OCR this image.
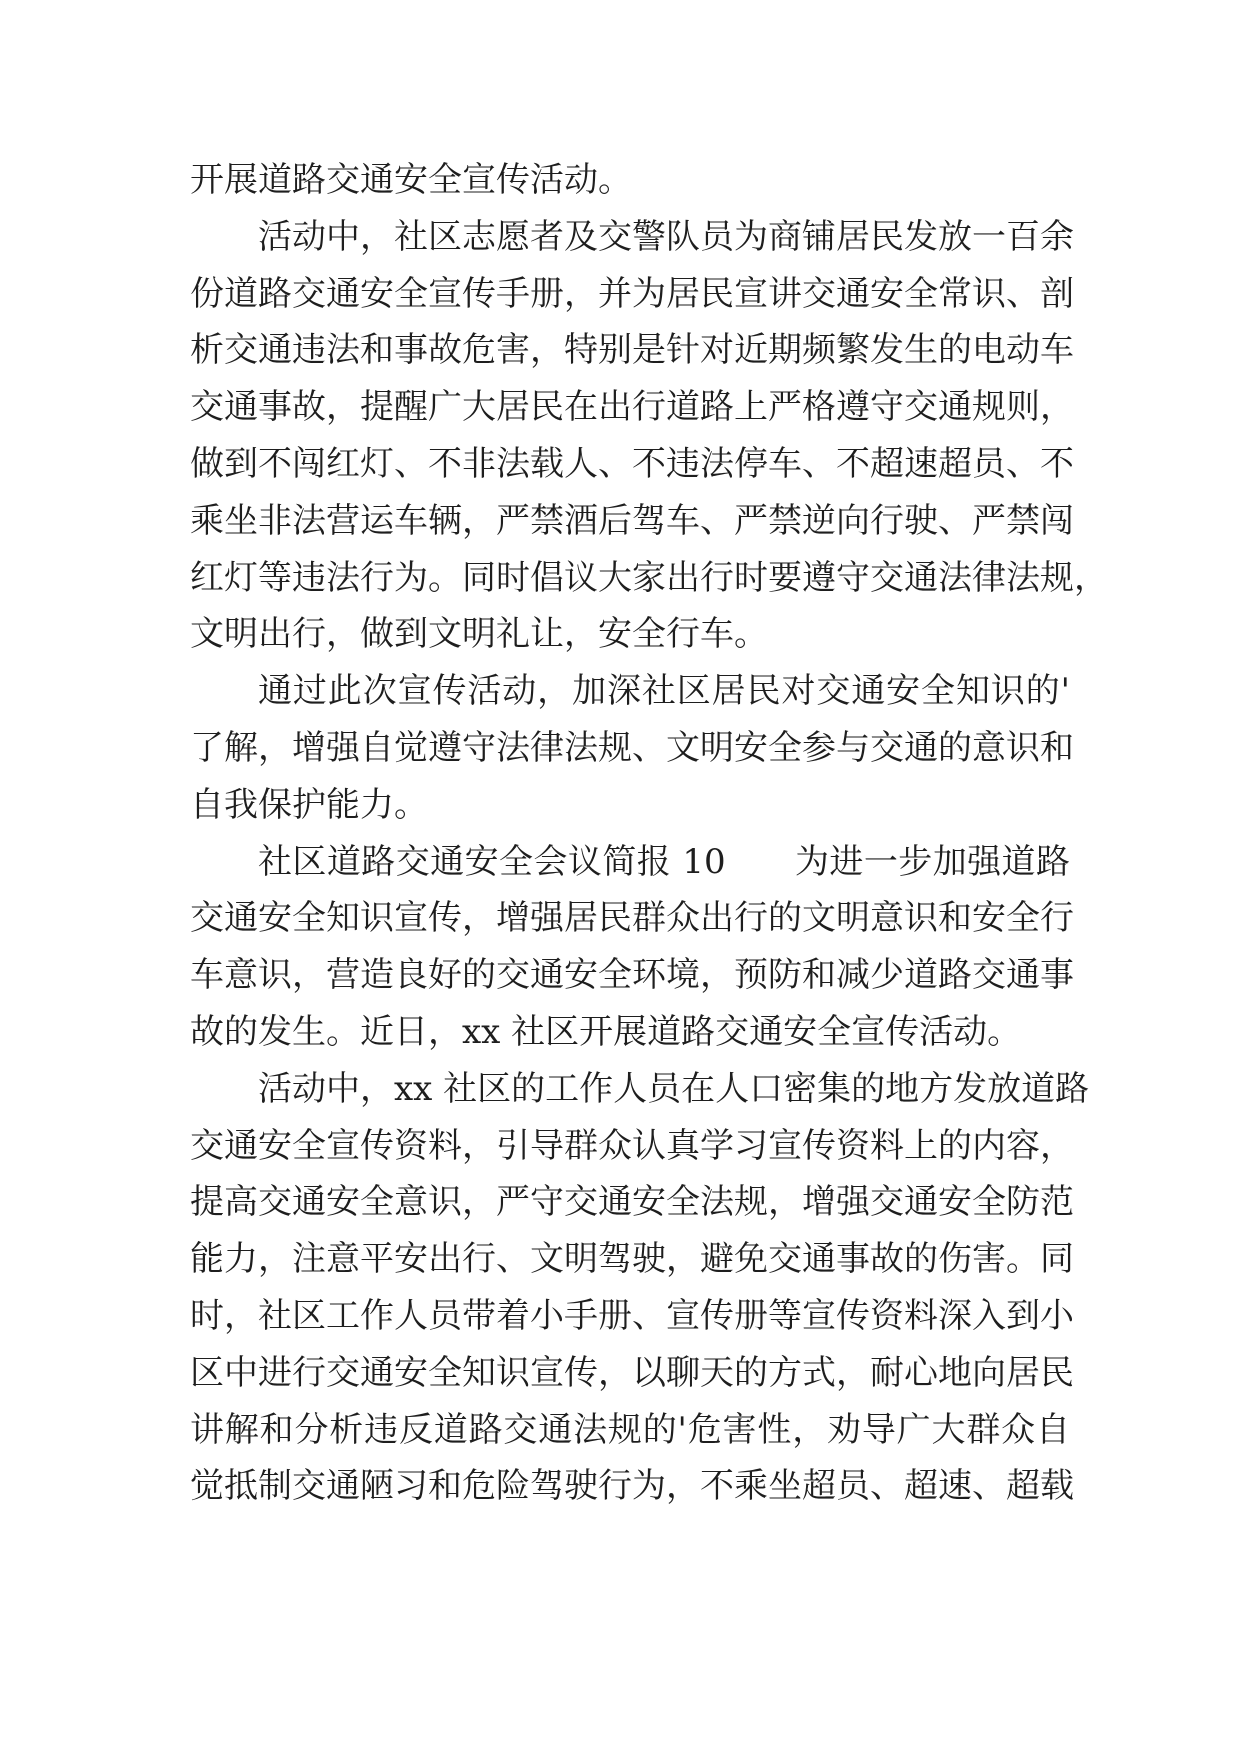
开展道路交通安全宣传活动。
活动中，社区志愿者及交警队员为商铺居民发放一百余
份道路交通安全宣传手册，并为居民宣讲交通安全常识、剖
析交通违法和事故危害，特别是针对近期频繁发生的电动车
交通事故，提醒广大居民在出行道路上严格遵守交通规则，
做到不闯红灯、不非法载人、不违法停车、不超速超员、不
乘坐非法营运车辆，严禁酒后驾车、严禁逆向行驶、严禁闯
红灯等违法行为。同时倡议大家出行时要遵守交通法律法规，
文明出行，做到文明礼让，安全行车。
通过此次宣传活动，加深社区居民对交通安全知识的'
了解，增强自觉遵守法律法规、文明安全参与交通的意识和
自我保护能力。
社区道路交通安全会议简报 10　　为进一步加强道路
交通安全知识宣传，增强居民群众出行的文明意识和安全行
车意识，营造良好的交通安全环境，预防和减少道路交通事
故的发生。近日，xx 社区开展道路交通安全宣传活动。
活动中，xx 社区的工作人员在人口密集的地方发放道路
交通安全宣传资料，引导群众认真学习宣传资料上的内容，
提高交通安全意识，严守交通安全法规，增强交通安全防范
能力，注意平安出行、文明驾驶，避免交通事故的伤害。同
时，社区工作人员带着小手册、宣传册等宣传资料深入到小
区中进行交通安全知识宣传，以聊天的方式，耐心地向居民
讲解和分析违反道路交通法规的'危害性，劝导广大群众自
觉抵制交通陋习和危险驾驶行为，不乘坐超员、超速、超载
